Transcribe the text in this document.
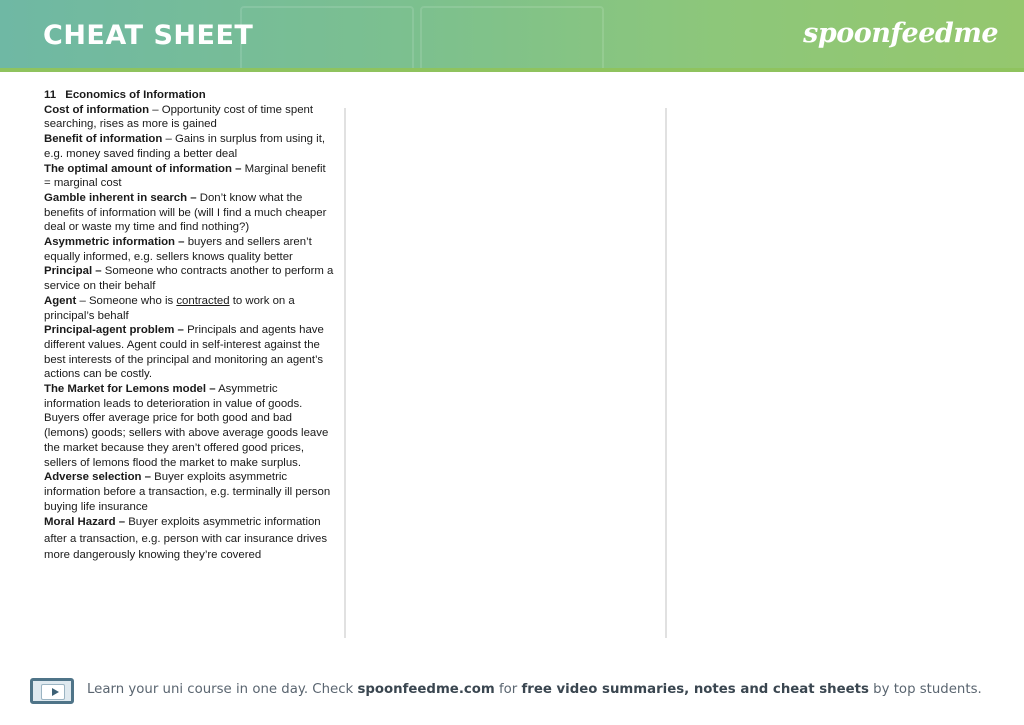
CHEAT SHEET	spoonfeedme
11 Economics of Information
Cost of information – Opportunity cost of time spent searching, rises as more is gained
Benefit of information – Gains in surplus from using it, e.g. money saved finding a better deal
The optimal amount of information – Marginal benefit = marginal cost
Gamble inherent in search – Don’t know what the benefits of information will be (will I find a much cheaper deal or waste my time and find nothing?)
Asymmetric information – buyers and sellers aren’t equally informed, e.g. sellers knows quality better
Principal – Someone who contracts another to perform a service on their behalf
Agent – Someone who is contracted to work on a principal’s behalf
Principal-agent problem – Principals and agents have different values. Agent could in self-interest against the best interests of the principal and monitoring an agent’s actions can be costly.
The Market for Lemons model – Asymmetric information leads to deterioration in value of goods. Buyers offer average price for both good and bad (lemons) goods; sellers with above average goods leave the market because they aren’t offered good prices, sellers of lemons flood the market to make surplus.
Adverse selection – Buyer exploits asymmetric information before a transaction, e.g. terminally ill person buying life insurance
Moral Hazard – Buyer exploits asymmetric information after a transaction, e.g. person with car insurance drives more dangerously knowing they’re covered
Learn your uni course in one day. Check spoonfeedme.com for free video summaries, notes and cheat sheets by top students.
